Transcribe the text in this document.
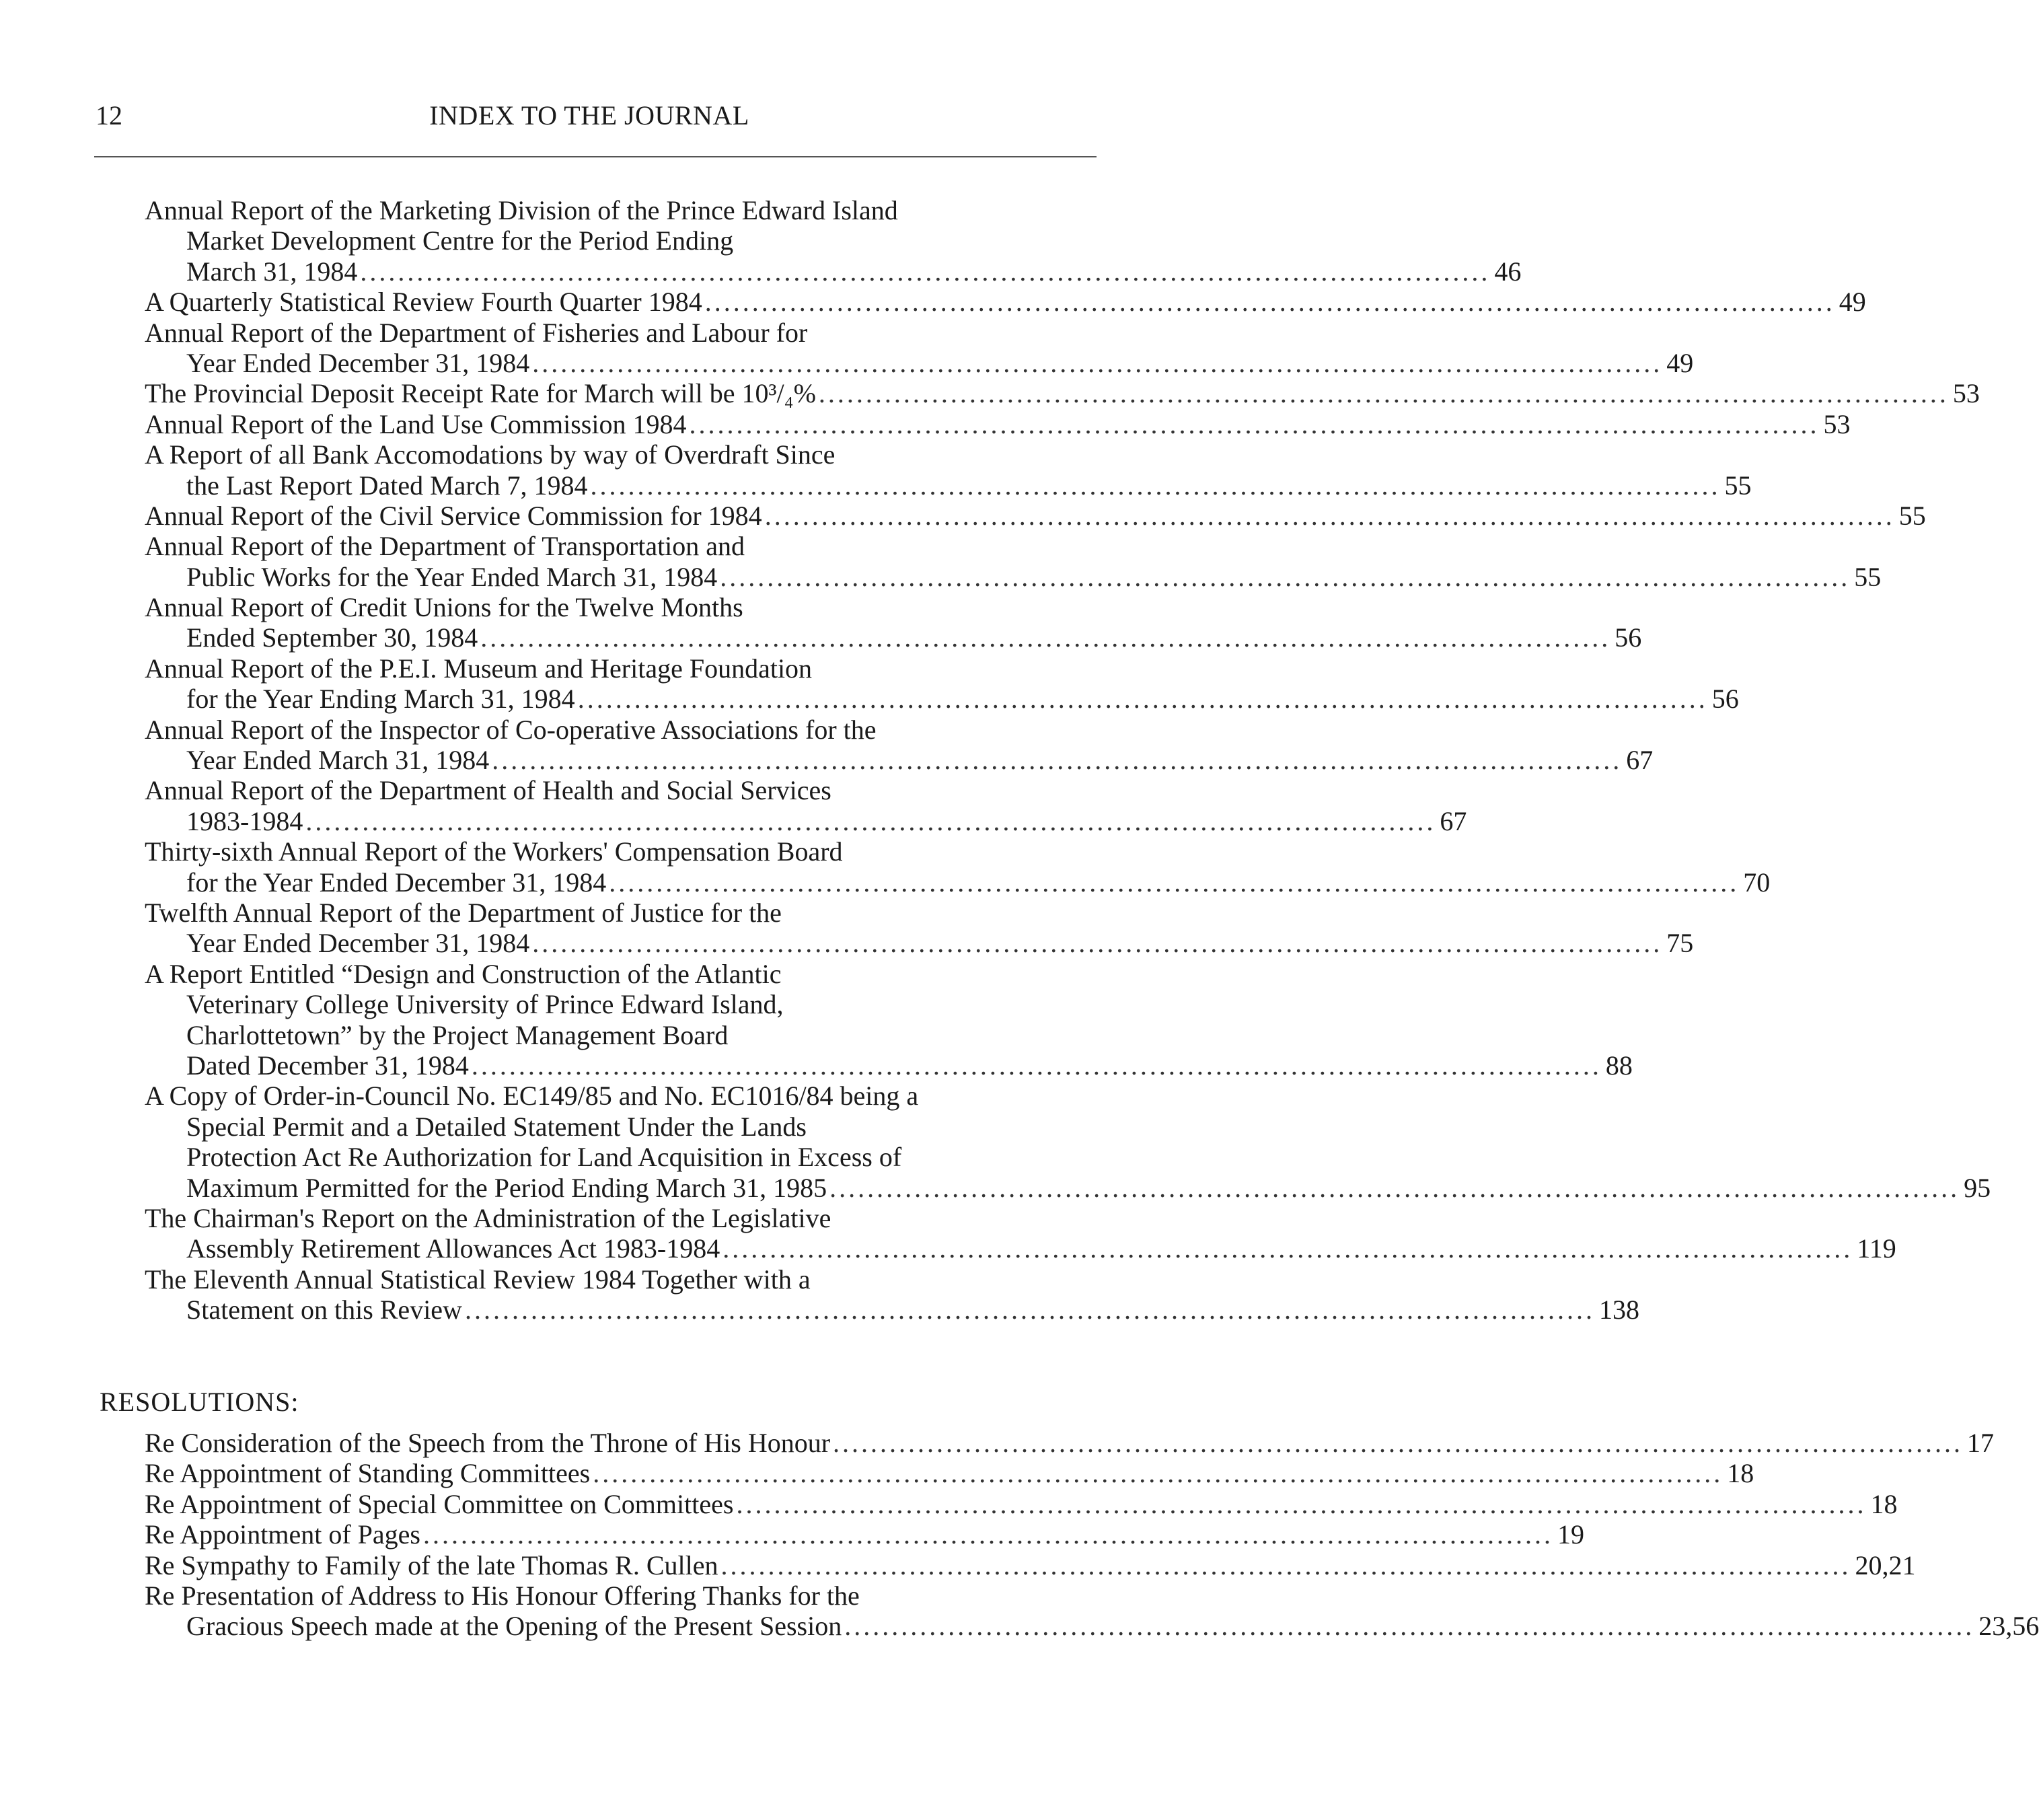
12	INDEX TO THE JOURNAL
Annual Report of the Marketing Division of the Prince Edward Island
Market Development Centre for the Period Ending
March 31, 1984 ........................................................................................................................ 46
A Quarterly Statistical Review Fourth Quarter 1984 ........................................................................................................................ 49
Annual Report of the Department of Fisheries and Labour for
Year Ended December 31, 1984 ........................................................................................................................ 49
The Provincial Deposit Receipt Rate for March will be 10³/₄% ........................................................................................................................ 53
Annual Report of the Land Use Commission 1984 ........................................................................................................................ 53
A Report of all Bank Accomodations by way of Overdraft Since
the Last Report Dated March 7, 1984 ........................................................................................................................ 55
Annual Report of the Civil Service Commission for 1984 ........................................................................................................................ 55
Annual Report of the Department of Transportation and
Public Works for the Year Ended March 31, 1984 ........................................................................................................................ 55
Annual Report of Credit Unions for the Twelve Months
Ended September 30, 1984 ........................................................................................................................ 56
Annual Report of the P.E.I. Museum and Heritage Foundation
for the Year Ending March 31, 1984 ........................................................................................................................ 56
Annual Report of the Inspector of Co-operative Associations for the
Year Ended March 31, 1984 ........................................................................................................................ 67
Annual Report of the Department of Health and Social Services
1983-1984 ........................................................................................................................ 67
Thirty-sixth Annual Report of the Workers' Compensation Board
for the Year Ended December 31, 1984 ........................................................................................................................ 70
Twelfth Annual Report of the Department of Justice for the
Year Ended December 31, 1984 ........................................................................................................................ 75
A Report Entitled “Design and Construction of the Atlantic
Veterinary College University of Prince Edward Island,
Charlottetown” by the Project Management Board
Dated December 31, 1984 ........................................................................................................................ 88
A Copy of Order-in-Council No. EC149/85 and No. EC1016/84 being a
Special Permit and a Detailed Statement Under the Lands
Protection Act Re Authorization for Land Acquisition in Excess of
Maximum Permitted for the Period Ending March 31, 1985 ........................................................................................................................ 95
The Chairman's Report on the Administration of the Legislative
Assembly Retirement Allowances Act 1983-1984 ........................................................................................................................ 119
The Eleventh Annual Statistical Review 1984 Together with a
Statement on this Review ........................................................................................................................ 138
RESOLUTIONS:
Re Consideration of the Speech from the Throne of His Honour ........................................................................................................................ 17
Re Appointment of Standing Committees ........................................................................................................................ 18
Re Appointment of Special Committee on Committees ........................................................................................................................ 18
Re Appointment of Pages ........................................................................................................................ 19
Re Sympathy to Family of the late Thomas R. Cullen ........................................................................................................................ 20,21
Re Presentation of Address to His Honour Offering Thanks for the
Gracious Speech made at the Opening of the Present Session ........................................................................................................................ 23,56
